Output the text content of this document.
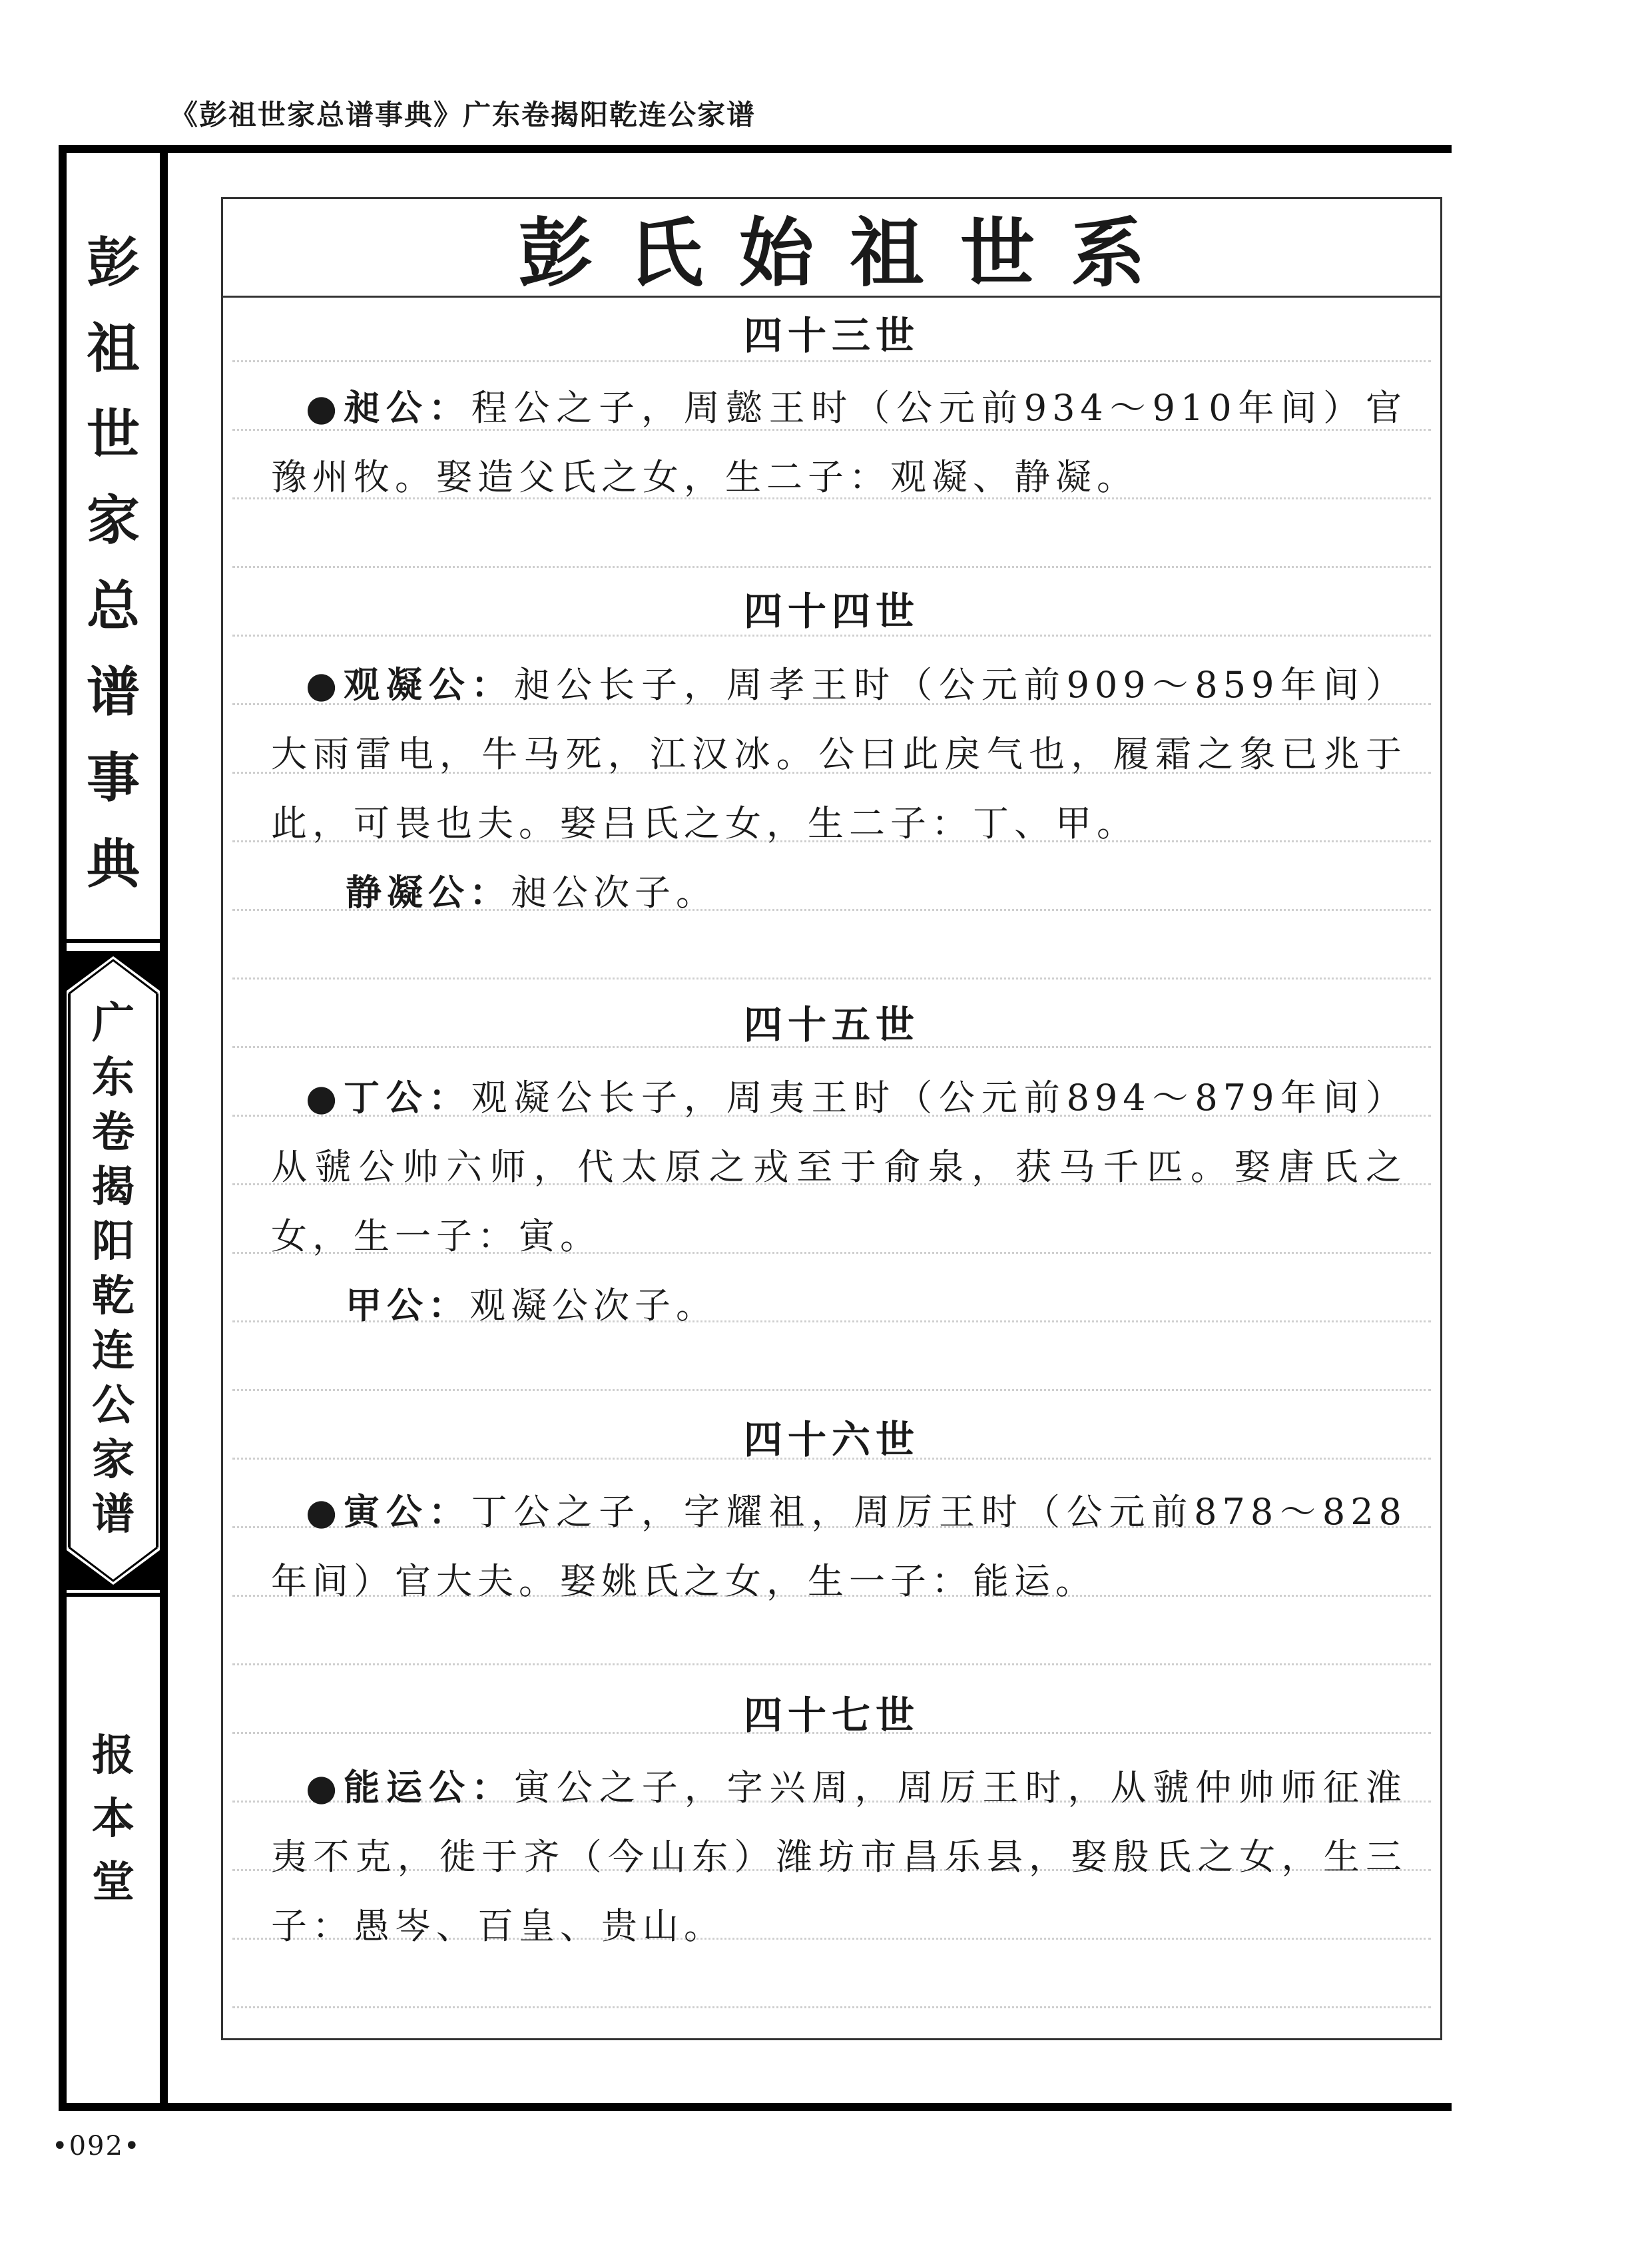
《彭祖世家总谱事典》广东卷揭阳乾连公家谱
彭
祖
世
家
总
谱
事
典
广
东
卷
揭
阳
乾
连
公
家
谱
报
本
堂
•092•
彭氏始祖世系
四十三世
●昶公：程公之子，周懿王时（公元前934～910年间）官豫州牧。娶造父氏之女，生二子：观凝、静凝。
四十四世
●观凝公：昶公长子，周孝王时（公元前909～859年间）大雨雷电，牛马死，江汉冰。公曰此戾气也，履霜之象已兆于此，可畏也夫。娶吕氏之女，生二子：丁、甲。
静凝公：昶公次子。
四十五世
●丁公：观凝公长子，周夷王时（公元前894～879年间）从虢公帅六师，代太原之戎至于俞泉，获马千匹。娶唐氏之女，生一子：寅。
甲公：观凝公次子。
四十六世
●寅公：丁公之子，字耀祖，周厉王时（公元前878～828年间）官大夫。娶姚氏之女，生一子：能运。
四十七世
●能运公：寅公之子，字兴周，周厉王时，从虢仲帅师征淮夷不克，徙于齐（今山东）潍坊市昌乐县，娶殷氏之女，生三子：愚岑、百皇、贵山。
